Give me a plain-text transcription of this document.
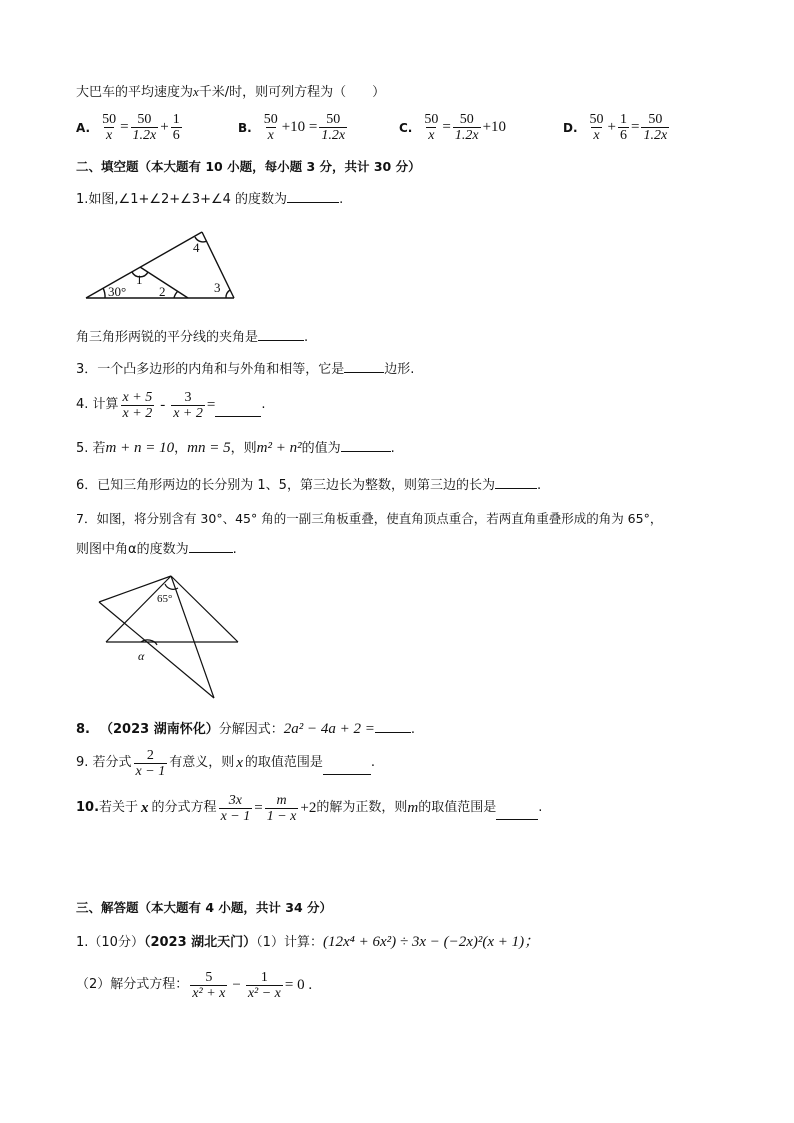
大巴车的平均速度为x千米/时，则可列方程为（　　）
A. $\frac{50}{x} = \frac{50}{1.2x} + \frac{1}{6}$	B. $\frac{50}{x} +10 = \frac{50}{1.2x}$	C. $\frac{50}{x} = \frac{50}{1.2x} +10$	D. $\frac{50}{x} + \frac{1}{6} = \frac{50}{1.2x}$
二、填空题（本大题有 10 小题，每小题 3 分，共计 30 分）
1.如图,∠1+∠2+∠3+∠4 的度数为	.
30°
1
2	3
4
角三角形两锐的平分线的夹角是	.
3．一个凸多边形的内角和与外角和相等，它是	边形.
4. 计算 $\frac{x + 5}{x + 2} - \frac{3}{x + 2}$ =	.
5. 若m + n = 10，mn = 5，则m² + n²的值为	.
6．已知三角形两边的长分别为 1、5，第三边长为整数，则第三边的长为	.
7．如图，将分别含有 30°、45° 角的一副三角板重叠，使直角顶点重合，若两直角重叠形成的角为 65°，
则图中角α的度数为	.
65°
α
8. （2023 湖南怀化）分解因式：2a² − 4a + 2 =	.
9. 若分式 $\frac{2}{x - 1}$ 有意义，则 x 的取值范围是	.
10. 若关于 x 的分式方程 $\frac{3x}{x - 1} = \frac{m}{1 - x} +2$ 的解为正数，则 m 的取值范围是	.
三、解答题（本大题有 4 小题，共计 34 分）
1.（10分）（2023 湖北天门）（1）计算：(12x⁴ + 6x²) ÷ 3x − (−2x)²(x + 1)；
（2）解分式方程： $\frac{5}{\text{x² + x}} - \frac{1}{\text{x² − x}} = 0$ .
